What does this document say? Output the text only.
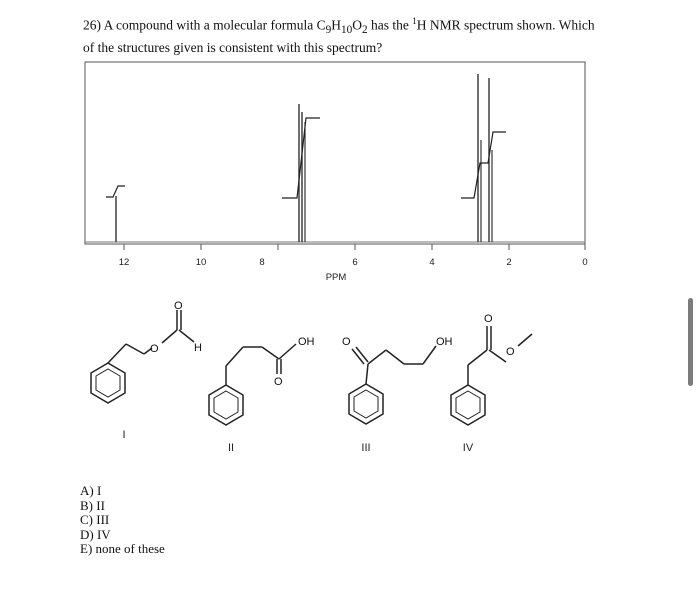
26) A compound with a molecular formula $C_9H_{10}O_2$ has the $^1$H NMR spectrum shown. Which
of the structures given is consistent with this spectrum?
12	10	8	6	4	2	0
PPM
O
O
H
I
OH
O
II
O	OH
III
O
O
IV
A) I
B) II
C) III
D) IV
E) none of these
